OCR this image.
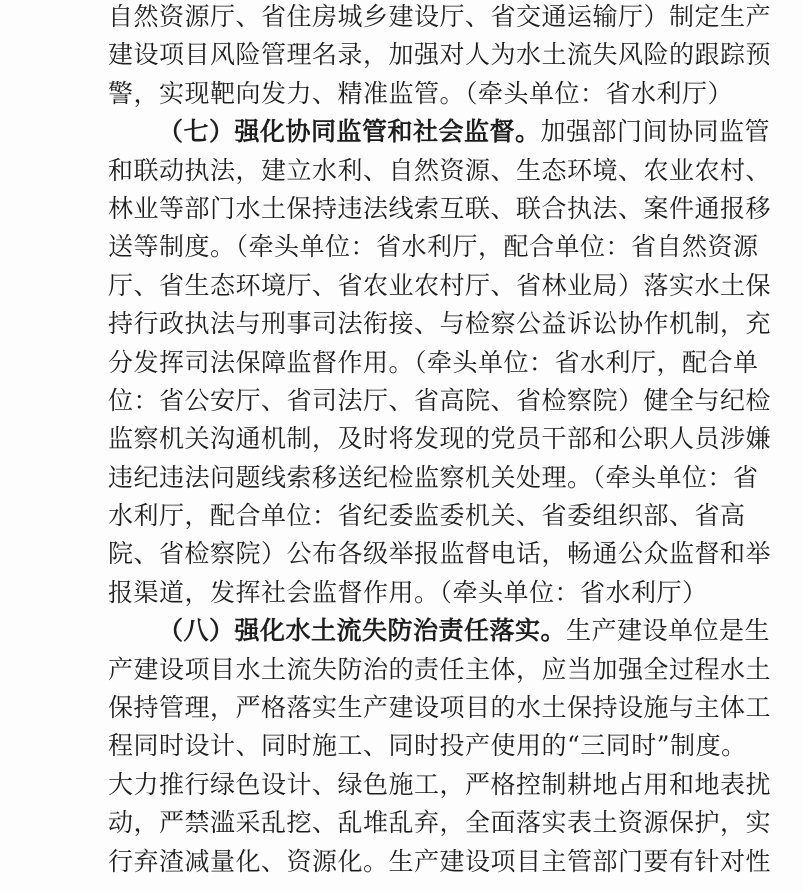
自然资源厅、省住房城乡建设厅、省交通运输厅）制定生产
建设项目风险管理名录，加强对人为水土流失风险的跟踪预
警，实现靶向发力、精准监管。（牵头单位：省水利厅）
（七）强化协同监管和社会监督。加强部门间协同监管
和联动执法，建立水利、自然资源、生态环境、农业农村、
林业等部门水土保持违法线索互联、联合执法、案件通报移
送等制度。（牵头单位：省水利厅，配合单位：省自然资源
厅、省生态环境厅、省农业农村厅、省林业局）落实水土保
持行政执法与刑事司法衔接、与检察公益诉讼协作机制，充
分发挥司法保障监督作用。（牵头单位：省水利厅，配合单
位：省公安厅、省司法厅、省高院、省检察院）健全与纪检
监察机关沟通机制，及时将发现的党员干部和公职人员涉嫌
违纪违法问题线索移送纪检监察机关处理。（牵头单位：省
水利厅，配合单位：省纪委监委机关、省委组织部、省高
院、省检察院）公布各级举报监督电话，畅通公众监督和举
报渠道，发挥社会监督作用。（牵头单位：省水利厅）
（八）强化水土流失防治责任落实。生产建设单位是生
产建设项目水土流失防治的责任主体，应当加强全过程水土
保持管理，严格落实生产建设项目的水土保持设施与主体工
程同时设计、同时施工、同时投产使用的“三同时”制度。
大力推行绿色设计、绿色施工，严格控制耕地占用和地表扰
动，严禁滥采乱挖、乱堆乱弃，全面落实表土资源保护，实
行弃渣减量化、资源化。生产建设项目主管部门要有针对性
